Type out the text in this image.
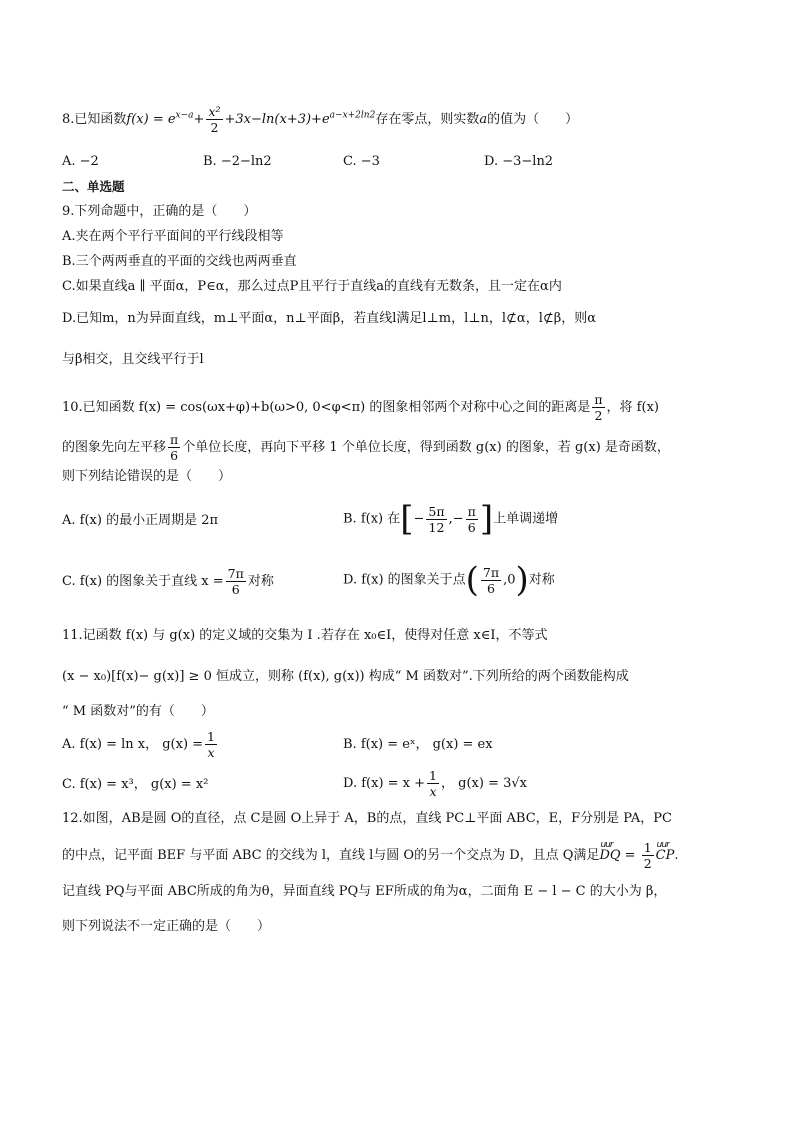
8.已知函数$f(x) = e^{x-a}+ \frac{\text{x²}}{2} +3x-\ln(x+3)+e^{a-x+2ln2}$存在零点，则实数a的值为（　　）
A. −2	B. −2−ln2	C. −3	D. −3−ln2
二、单选题
9.下列命题中，正确的是（　　）
A.夹在两个平行平面间的平行线段相等
B.三个两两垂直的平面的交线也两两垂直
C.如果直线a ∥ 平面α，P∈α，那么过点P且平行于直线a的直线有无数条，且一定在α内
D.已知m，n为异面直线，m⊥平面α，n⊥平面β，若直线l满足l⊥m，l⊥n，l⊄α，l⊄β，则α
与β相交，且交线平行于l
10.已知函数 f(x) = cos(ωx+φ)+b(ω>0, 0<φ<π) 的图象相邻两个对称中心之间的距离是 $\frac{\pi}{2}$ ，将 f(x)
的图象先向左平移 $\frac{\pi}{6}$ 个单位长度，再向下平移 1 个单位长度，得到函数 g(x) 的图象，若 g(x) 是奇函数，
则下列结论错误的是（　　）
A. f(x) 的最小正周期是 2π	B. f(x) 在[− $\frac{5\pi}{12}$ ,− $\frac{\pi}{6}$ ]上单调递增
C. f(x) 的图象关于直线 $x = \frac{7\pi}{6}$ 对称	D. f(x) 的图象关于点( $\frac{7\pi}{6} ,0$)对称
11.记函数 f(x) 与 g(x) 的定义域的交集为 I .若存在 x₀∈I，使得对任意 x∈I，不等式
(x − x₀)[f(x)− g(x)] ≥ 0 恒成立，则称 (f(x), g(x)) 构成“ M 函数对”.下列所给的两个函数能构成
“ M 函数对”的有（　　）
A. f(x) = ln x， $g(x) = \frac{1}{x}$	B. f(x) = eˣ， g(x) = ex
C. f(x) = x³， g(x) = x²	D. $f(x) = x + \frac{1}{x}$ ， g(x) = 3√x
12.如图，AB是圆 O的直径，点 C是圆 O上异于 A，B的点，直线 PC⊥平面 ABC，E，F分别是 PA，PC
的中点，记平面 BEF 与平面 ABC 的交线为 l，直线 l与圆 O的另一个交点为 D，且点 Q满足uur DQ = $\frac{1}{2}$
uur CP.
记直线 PQ与平面 ABC所成的角为θ，异面直线 PQ与 EF所成的角为α，二面角 E − l − C 的大小为 β，
则下列说法不一定正确的是（　　）
